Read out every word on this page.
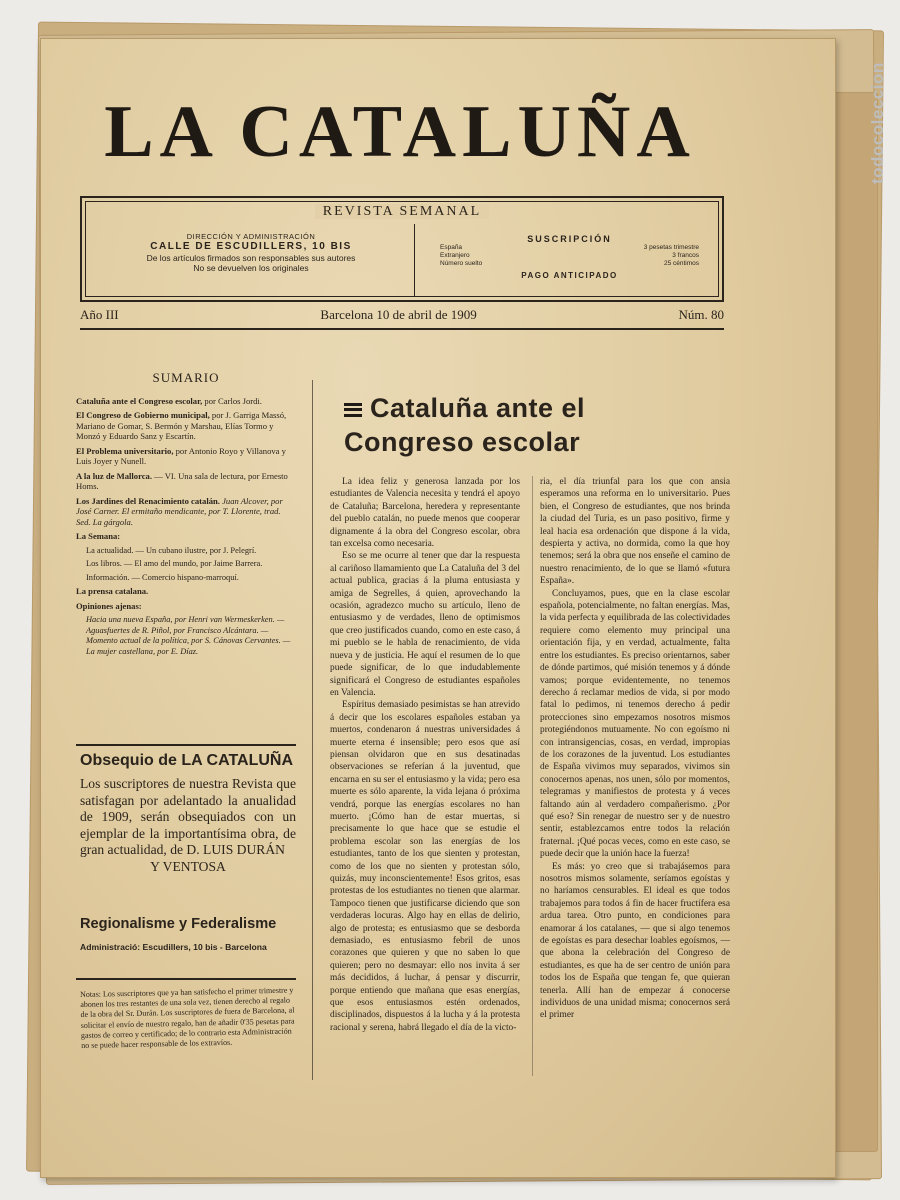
todocoleccion
LA CATALUÑA
REVISTA SEMANAL
DIRECCIÓN Y ADMINISTRACIÓN
CALLE DE ESCUDILLERS, 10 BIS
De los artículos firmados son responsables sus autores
No se devuelven los originales
SUSCRIPCIÓN
España	3 pesetas trimestre
Extranjero	3 francos
Número suelto	25 céntimos
PAGO ANTICIPADO
Año III	Barcelona 10 de abril de 1909	Núm. 80
SUMARIO
Cataluña ante el Congreso escolar, por Carlos Jordi.
El Congreso de Gobierno municipal, por J. Garriga Massó, Mariano de Gomar, S. Bermón y Marshau, Elías Tormo y Monzó y Eduardo Sanz y Escartín.
El Problema universitario, por Antonio Royo y Villanova y Luis Joyer y Nunell.
A la luz de Mallorca. — VI. Una sala de lectura, por Ernesto Homs.
Los Jardines del Renacimiento catalán. Juan Alcover, por José Carner. El ermitaño mendicante, por T. Llorente, trad. Sed. La gárgola.
La Semana:
La actualidad. — Un cubano ilustre, por J. Pelegrí.
Los libros. — El amo del mundo, por Jaime Barrera.
Información. — Comercio hispano-marroquí.
La prensa catalana.
Opiniones ajenas:
Hacia una nueva España, por Henri van Wermeskerken. — Aguasfuertes de R. Piñol, por Francisco Alcántara. — Momento actual de la política, por S. Cánovas Cervantes. — La mujer castellana, por E. Díaz.
Obsequio de LA CATALUÑA

Los suscriptores de nuestra Revista que satisfagan por adelantado la anualidad de 1909, serán obsequiados con un ejemplar de la importantísima obra, de gran actualidad, de D. LUIS DURÁN

Y VENTOSA

Regionalisme y Federalisme
Administració: Escudillers, 10 bis - Barcelona
Notas: Los suscriptores que ya han satisfecho el primer trimestre y abonen los tres restantes de una sola vez, tienen derecho al regalo de la obra del Sr. Durán. Los suscriptores de fuera de Barcelona, al solicitar el envío de nuestro regalo, han de añadir 0'35 pesetas para gastos de correo y certificado; de lo contrario esta Administración no se puede hacer responsable de los extravíos.
Cataluña ante el
Congreso escolar

La idea feliz y generosa lanzada por los estudiantes de Valencia necesita y tendrá el apoyo de Cataluña; Barcelona, heredera y representante del pueblo catalán, no puede menos que cooperar dignamente á la obra del Congreso escolar, obra tan excelsa como necesaria.

Eso se me ocurre al tener que dar la respuesta al cariñoso llamamiento que La Cataluña del 3 del actual publica, gracias á la pluma entusiasta y amiga de Segrelles, á quien, aprovechando la ocasión, agradezco mucho su artículo, lleno de entusiasmo y de verdades, lleno de optimismos que creo justificados cuando, como en este caso, á mi pueblo se le habla de renacimiento, de vida nueva y de justicia. He aquí el resumen de lo que puede significar, de lo que indudablemente significará el Congreso de estudiantes españoles en Valencia.

Espíritus demasiado pesimistas se han atrevido á decir que los escolares españoles estaban ya muertos, condenaron á nuestras universidades á muerte eterna é insensible; pero esos que así piensan olvidaron que en sus desatinadas observaciones se referían á la juventud, que encarna en su ser el entusiasmo y la vida; pero esa muerte es sólo aparente, la vida lejana ó próxima vendrá, porque las energías escolares no han muerto. ¡Cómo han de estar muertas, si precisamente lo que hace que se estudie el problema escolar son las energías de los estudiantes, tanto de los que sienten y protestan, como de los que no sienten y protestan sólo, quizás, muy inconscientemente! Esos gritos, esas protestas de los estudiantes no tienen que alarmar. Tampoco tienen que justificarse diciendo que son verdaderas locuras. Algo hay en ellas de delirio, algo de protesta; es entusiasmo que se desborda demasiado, es entusiasmo febril de unos corazones que quieren y que no saben lo que quieren; pero no desmayar: ello nos invita á ser más decididos, á luchar, á pensar y discurrir, porque entiendo que mañana que esas energías, que esos entusiasmos estén ordenados, disciplinados, dispuestos á la lucha y á la protesta racional y serena, habrá llegado el día de la victo-

ria, el día triunfal para los que con ansia esperamos una reforma en lo universitario. Pues bien, el Congreso de estudiantes, que nos brinda la ciudad del Turia, es un paso positivo, firme y leal hacia esa ordenación que dispone á la vida, despierta y activa, no dormida, como la que hoy tenemos; será la obra que nos enseñe el camino de nuestro renacimiento, de lo que se llamó «futura España».

Concluyamos, pues, que en la clase escolar española, potencialmente, no faltan energías. Mas, la vida perfecta y equilibrada de las colectividades requiere como elemento muy principal una orientación fija, y en verdad, actualmente, falta entre los estudiantes. Es preciso orientarnos, saber de dónde partimos, qué misión tenemos y á dónde vamos; porque evidentemente, no tenemos derecho á reclamar medios de vida, si por modo fatal lo pedimos, ni tenemos derecho á pedir protecciones sino empezamos nosotros mismos protegiéndonos mutuamente. No con egoísmo ni con intransigencias, cosas, en verdad, impropias de los corazones de la juventud. Los estudiantes de España vivimos muy separados, vivimos sin conocernos apenas, nos unen, sólo por momentos, telegramas y manifiestos de protesta y á veces faltando aún al verdadero compañerismo. ¿Por qué eso? Sin renegar de nuestro ser y de nuestro sentir, establezcamos entre todos la relación fraternal. ¡Qué pocas veces, como en este caso, se puede decir que la unión hace la fuerza!

Es más: yo creo que si trabajásemos para nosotros mismos solamente, seríamos egoístas y no haríamos censurables. El ideal es que todos trabajemos para todos á fin de hacer fructífera esa ardua tarea. Otro punto, en condiciones para enamorar á los catalanes, — que si algo tenemos de egoístas es para desechar loables egoísmos, — que abona la celebración del Congreso de estudiantes, es que ha de ser centro de unión para todos los de España que tengan fe, que quieran tenerla. Allí han de empezar á conocerse individuos de una unidad misma; conocernos será el primer
